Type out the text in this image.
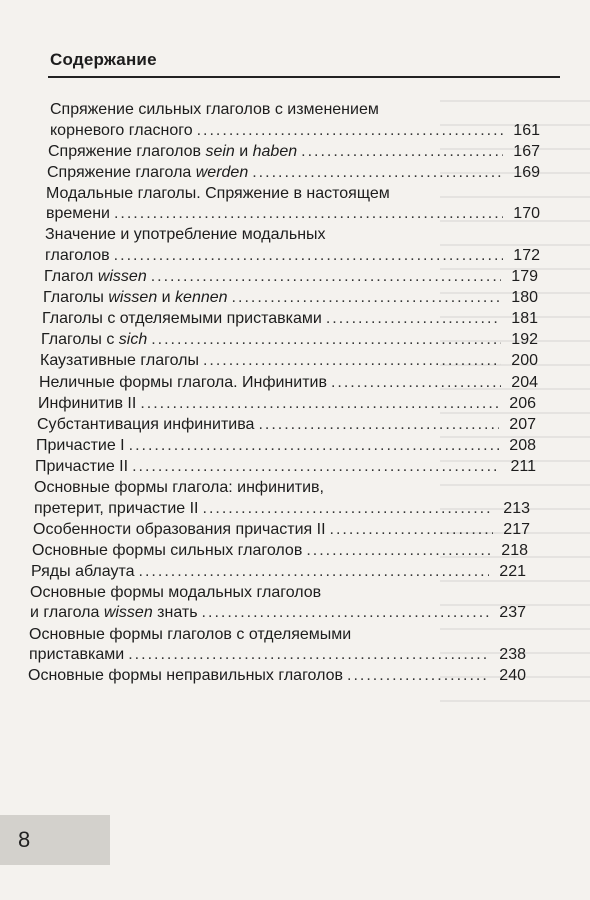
Содержание
Спряжение сильных глаголов с изменением
корневого гласного .....	161
Спряжение глаголов sein и haben .....	167
Спряжение глагола werden .....	169
Модальные глаголы. Спряжение в настоящем
времени .....	170
Значение и употребление модальных
глаголов .....	172
Глагол wissen .....	179
Глаголы wissen и kennen .....	180
Глаголы с отделяемыми приставками .....	181
Глаголы с sich .....	192
Каузативные глаголы .....	200
Неличные формы глагола. Инфинитив .....	204
Инфинитив II .....	206
Субстантивация инфинитива .....	207
Причастие I .....	208
Причастие II .....	211
Основные формы глагола: инфинитив,
претерит, причастие II .....	213
Особенности образования причастия II .....	217
Основные формы сильных глаголов .....	218
Ряды аблаута .....	221
Основные формы модальных глаголов
и глагола wissen знать .....	237
Основные формы глаголов с отделяемыми
приставками .....	238
Основные формы неправильных глаголов .....	240
8
